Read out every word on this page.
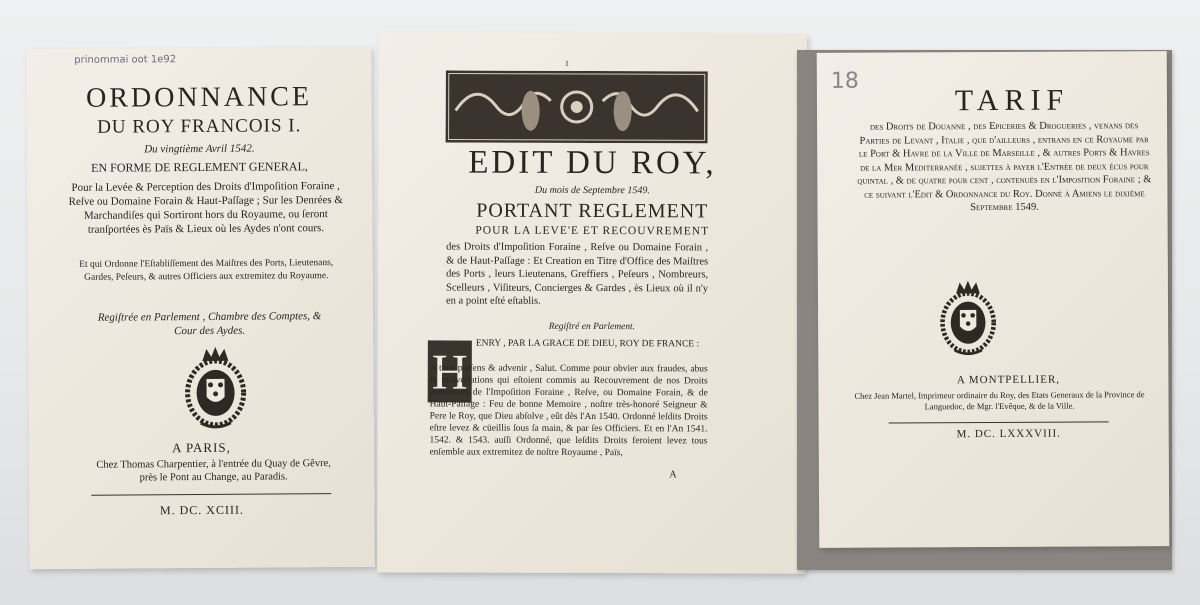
prinommai oot 1e92
ORDONNANCE
DU ROY FRANCOIS I.
Du vingtième Avril 1542.
EN FORME DE REGLEMENT GENERAL,
Pour la Levée & Perception des Droits d'Impoſition Foraine , Reſve ou Domaine Forain & Haut-Paſſage ; Sur les Denrées & Marchandiſes qui Sortiront hors du Royaume, ou ſeront tranſportées ès Païs & Lieux où les Aydes n'ont cours.
Et qui Ordonne l'Eſtabliſſement des Maiſtres des Ports, Lieutenans, Gardes, Peſeurs, & autres Officiers aux extremitez du Royaume.
Regiſtrée en Parlement , Chambre des Comptes, & Cour des Aydes.
A PARIS,
Chez Thomas Charpentier, à l'entrée du Quay de Gêvre, près le Pont au Change, au Paradis.
M. DC. XCIII.
1
EDIT DU ROY,
Du mois de Septembre 1549.
PORTANT REGLEMENT
POUR LA LEVE'E ET RECOUVREMENT
des Droits d'Impoſition Foraine , Reſve ou Domaine Forain , & de Haut-Paſſage : Et Creation en Titre d'Office des Maiſtres des Ports , leurs Lieutenans, Greffiers , Peſeurs , Nombreurs, Scelleurs , Viſiteurs, Concierges & Gardes , ès Lieux où il n'y en a point eſté eſtablis.
Regiſtré en Parlement.
H ENRY , PAR LA GRACE DE DIEU, ROY DE FRANCE :
A tous preſens & advenir , Salut. Comme pour obvier aux fraudes, abus & malverſations qui eſtoient commis au Recouvrement de nos Droits provenans de l'Impoſition Foraine , Reſve, ou Domaine Forain, & de Haut-Paſſage : Feu de bonne Memoire , noſtre très-honoré Seigneur & Pere le Roy, que Dieu abſolve , eût dès l'An 1540. Ordonné leſdits Droits eſtre levez & cüeillis ſous ſa main, & par ſes Officiers. Et en l'An 1541. 1542. & 1543. auſſi Ordonné, que leſdits Droits feroient levez tous enſemble aux extremitez de noſtre Royaume , Païs,
A
18
TARIF
des Droits de Douanne , des Epiceries & Drogueries , venans des Parties de Levant , Italie , que d'ailleurs , entrans en ce Royaume par le Port & Havre de la Ville de Marſeille , & autres Ports & Havres de la Mer Mediterranée , ſujettes à payer l'Entrée de deux écus pour quintal , & de quatre pour cent , contenuës en l'Impoſition Foraine ; & ce ſuivant l'Edit & Ordonnance du Roy. Donné à Amiens le dixiéme Septembre 1549.
A MONTPELLIER,
Chez Jean Martel, Imprimeur ordinaire du Roy, des Etats Generaux de la Province de Languedoc, de Mgr. l'Evêque, & de la Ville.
M. DC. LXXXVIII.
